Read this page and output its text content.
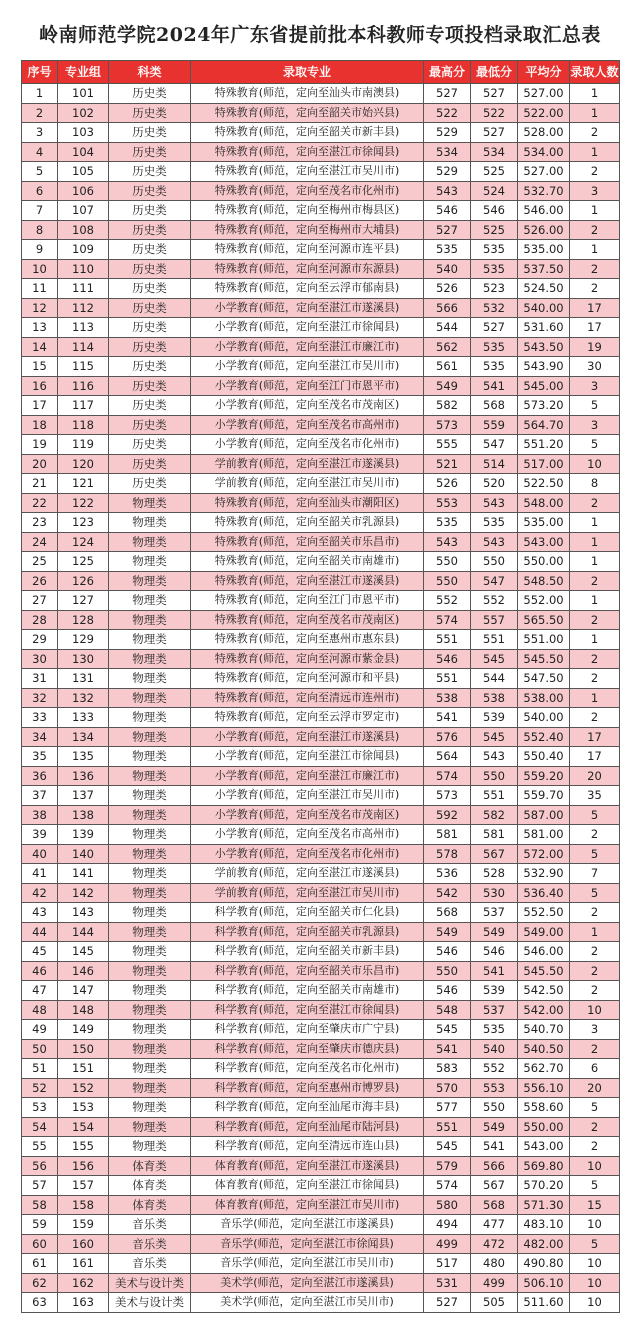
岭南师范学院2024年广东省提前批本科教师专项投档录取汇总表
序号	专业组	科类	录取专业	最高分	最低分	平均分	录取人数
1	101	历史类	特殊教育(师范，定向至汕头市南澳县)	527	527	527.00	1
2	102	历史类	特殊教育(师范，定向至韶关市始兴县)	522	522	522.00	1
3	103	历史类	特殊教育(师范，定向至韶关市新丰县)	529	527	528.00	2
4	104	历史类	特殊教育(师范，定向至湛江市徐闻县)	534	534	534.00	1
5	105	历史类	特殊教育(师范，定向至湛江市吴川市)	529	525	527.00	2
6	106	历史类	特殊教育(师范，定向至茂名市化州市)	543	524	532.70	3
7	107	历史类	特殊教育(师范，定向至梅州市梅县区)	546	546	546.00	1
8	108	历史类	特殊教育(师范，定向至梅州市大埔县)	527	525	526.00	2
9	109	历史类	特殊教育(师范，定向至河源市连平县)	535	535	535.00	1
10	110	历史类	特殊教育(师范，定向至河源市东源县)	540	535	537.50	2
11	111	历史类	特殊教育(师范，定向至云浮市郁南县)	526	523	524.50	2
12	112	历史类	小学教育(师范，定向至湛江市遂溪县)	566	532	540.00	17
13	113	历史类	小学教育(师范，定向至湛江市徐闻县)	544	527	531.60	17
14	114	历史类	小学教育(师范，定向至湛江市廉江市)	562	535	543.50	19
15	115	历史类	小学教育(师范，定向至湛江市吴川市)	561	535	543.90	30
16	116	历史类	小学教育(师范，定向至江门市恩平市)	549	541	545.00	3
17	117	历史类	小学教育(师范，定向至茂名市茂南区)	582	568	573.20	5
18	118	历史类	小学教育(师范，定向至茂名市高州市)	573	559	564.70	3
19	119	历史类	小学教育(师范，定向至茂名市化州市)	555	547	551.20	5
20	120	历史类	学前教育(师范，定向至湛江市遂溪县)	521	514	517.00	10
21	121	历史类	学前教育(师范，定向至湛江市吴川市)	526	520	522.50	8
22	122	物理类	特殊教育(师范，定向至汕头市潮阳区)	553	543	548.00	2
23	123	物理类	特殊教育(师范，定向至韶关市乳源县)	535	535	535.00	1
24	124	物理类	特殊教育(师范，定向至韶关市乐昌市)	543	543	543.00	1
25	125	物理类	特殊教育(师范，定向至韶关市南雄市)	550	550	550.00	1
26	126	物理类	特殊教育(师范，定向至湛江市遂溪县)	550	547	548.50	2
27	127	物理类	特殊教育(师范，定向至江门市恩平市)	552	552	552.00	1
28	128	物理类	特殊教育(师范，定向至茂名市茂南区)	574	557	565.50	2
29	129	物理类	特殊教育(师范，定向至惠州市惠东县)	551	551	551.00	1
30	130	物理类	特殊教育(师范，定向至河源市紫金县)	546	545	545.50	2
31	131	物理类	特殊教育(师范，定向至河源市和平县)	551	544	547.50	2
32	132	物理类	特殊教育(师范，定向至清远市连州市)	538	538	538.00	1
33	133	物理类	特殊教育(师范，定向至云浮市罗定市)	541	539	540.00	2
34	134	物理类	小学教育(师范，定向至湛江市遂溪县)	576	545	552.40	17
35	135	物理类	小学教育(师范，定向至湛江市徐闻县)	564	543	550.40	17
36	136	物理类	小学教育(师范，定向至湛江市廉江市)	574	550	559.20	20
37	137	物理类	小学教育(师范，定向至湛江市吴川市)	573	551	559.70	35
38	138	物理类	小学教育(师范，定向至茂名市茂南区)	592	582	587.00	5
39	139	物理类	小学教育(师范，定向至茂名市高州市)	581	581	581.00	2
40	140	物理类	小学教育(师范，定向至茂名市化州市)	578	567	572.00	5
41	141	物理类	学前教育(师范，定向至湛江市遂溪县)	536	528	532.90	7
42	142	物理类	学前教育(师范，定向至湛江市吴川市)	542	530	536.40	5
43	143	物理类	科学教育(师范，定向至韶关市仁化县)	568	537	552.50	2
44	144	物理类	科学教育(师范，定向至韶关市乳源县)	549	549	549.00	1
45	145	物理类	科学教育(师范，定向至韶关市新丰县)	546	546	546.00	2
46	146	物理类	科学教育(师范，定向至韶关市乐昌市)	550	541	545.50	2
47	147	物理类	科学教育(师范，定向至韶关市南雄市)	546	539	542.50	2
48	148	物理类	科学教育(师范，定向至湛江市徐闻县)	548	537	542.00	10
49	149	物理类	科学教育(师范，定向至肇庆市广宁县)	545	535	540.70	3
50	150	物理类	科学教育(师范，定向至肇庆市德庆县)	541	540	540.50	2
51	151	物理类	科学教育(师范，定向至茂名市化州市)	583	552	562.70	6
52	152	物理类	科学教育(师范，定向至惠州市博罗县)	570	553	556.10	20
53	153	物理类	科学教育(师范，定向至汕尾市海丰县)	577	550	558.60	5
54	154	物理类	科学教育(师范，定向至汕尾市陆河县)	551	549	550.00	2
55	155	物理类	科学教育(师范，定向至清远市连山县)	545	541	543.00	2
56	156	体育类	体育教育(师范，定向至湛江市遂溪县)	579	566	569.80	10
57	157	体育类	体育教育(师范，定向至湛江市徐闻县)	574	567	570.20	5
58	158	体育类	体育教育(师范，定向至湛江市吴川市)	580	568	571.30	15
59	159	音乐类	音乐学(师范，定向至湛江市遂溪县)	494	477	483.10	10
60	160	音乐类	音乐学(师范，定向至湛江市徐闻县)	499	472	482.00	5
61	161	音乐类	音乐学(师范，定向至湛江市吴川市)	517	480	490.80	10
62	162	美术与设计类	美术学(师范，定向至湛江市遂溪县)	531	499	506.10	10
63	163	美术与设计类	美术学(师范，定向至湛江市吴川市)	527	505	511.60	10
